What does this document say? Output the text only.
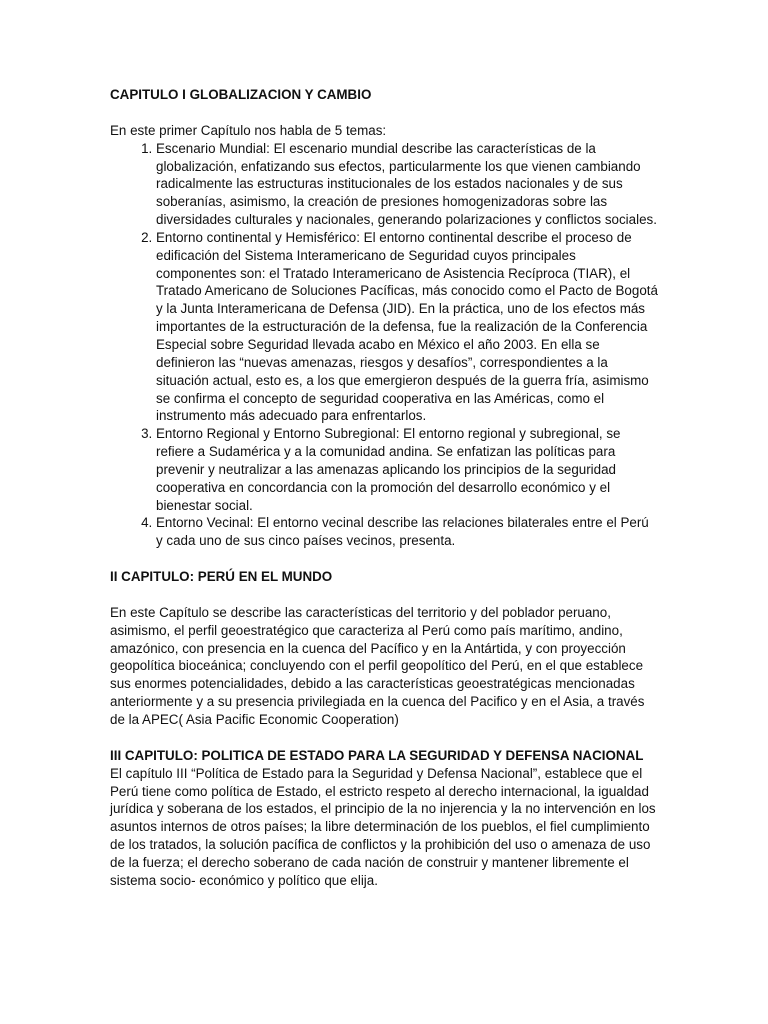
CAPITULO I GLOBALIZACION Y CAMBIO

En este primer Capítulo nos habla de 5 temas:

1. Escenario Mundial: El escenario mundial describe las características de la globalización, enfatizando sus efectos, particularmente los que vienen cambiando radicalmente las estructuras institucionales de los estados nacionales y de sus soberanías, asimismo, la creación de presiones homogenizadoras sobre las diversidades culturales y nacionales, generando polarizaciones y conflictos sociales.
2. Entorno continental y Hemisférico: El entorno continental describe el proceso de edificación del Sistema Interamericano de Seguridad cuyos principales componentes son: el Tratado Interamericano de Asistencia Recíproca (TIAR), el Tratado Americano de Soluciones Pacíficas, más conocido como el Pacto de Bogotá y la Junta Interamericana de Defensa (JID). En la práctica, uno de los efectos más importantes de la estructuración de la defensa, fue la realización de la Conferencia Especial sobre Seguridad llevada acabo en México el año 2003. En ella se definieron las “nuevas amenazas, riesgos y desafíos”, correspondientes a la situación actual, esto es, a los que emergieron después de la guerra fría, asimismo se confirma el concepto de seguridad cooperativa en las Américas, como el instrumento más adecuado para enfrentarlos.
3. Entorno Regional y Entorno Subregional: El entorno regional y subregional, se refiere a Sudamérica y a la comunidad andina. Se enfatizan las políticas para prevenir y neutralizar a las amenazas aplicando los principios de la seguridad cooperativa en concordancia con la promoción del desarrollo económico y el bienestar social.
4. Entorno Vecinal: El entorno vecinal describe las relaciones bilaterales entre el Perú y cada uno de sus cinco países vecinos, presenta.

II CAPITULO: PERÚ EN EL MUNDO

En este Capítulo se describe las características del territorio y del poblador peruano, asimismo, el perfil geoestratégico que caracteriza al Perú como país marítimo, andino, amazónico, con presencia en la cuenca del Pacífico y en la Antártida, y con proyección geopolítica bioceánica; concluyendo con el perfil geopolítico del Perú, en el que establece sus enormes potencialidades, debido a las características geoestratégicas mencionadas anteriormente y a su presencia privilegiada en la cuenca del Pacifico y en el Asia, a través de la APEC( Asia Pacific Economic Cooperation)

III CAPITULO: POLITICA DE ESTADO PARA LA SEGURIDAD Y DEFENSA NACIONAL

El capítulo III “Política de Estado para la Seguridad y Defensa Nacional”, establece que el Perú tiene como política de Estado, el estricto respeto al derecho internacional, la igualdad jurídica y soberana de los estados, el principio de la no injerencia y la no intervención en los asuntos internos de otros países; la libre determinación de los pueblos, el fiel cumplimiento de los tratados, la solución pacífica de conflictos y la prohibición del uso o amenaza de uso de la fuerza; el derecho soberano de cada nación de construir y mantener libremente el sistema socio- económico y político que elija.
